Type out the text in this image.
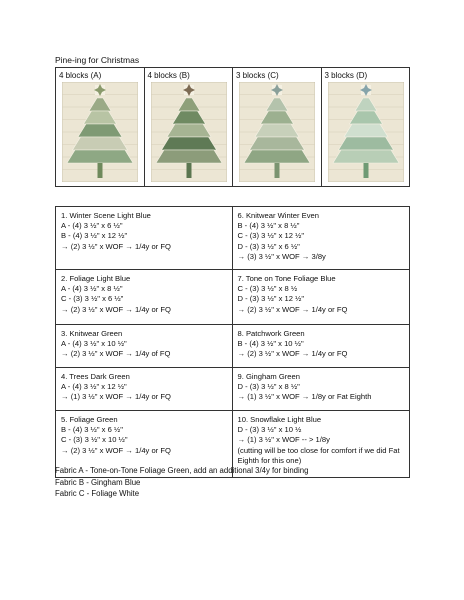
Pine-ing for Christmas
4 blocks (A)	4 blocks (B)	3 blocks (C)	3 blocks (D)
1. Winter Scene Light Blue
A - (4) 3 ½" x 6 ½"
B - (4) 3 ½" x 12 ½"
→ (2) 3 ½" x WOF → 1/4y or FQ
6. Knitwear Winter Even
B - (4) 3 ½" x 8 ½"
C - (3) 3 ½" x 12 ½"
D - (3) 3 ½" x 6 ½"
→ (3) 3 ½" x WOF → 3/8y
2. Foliage Light Blue
A - (4) 3 ½" x 8 ½"
C - (3) 3 ½" x 6 ½"
→ (2) 3 ½" x WOF → 1/4y or FQ
7. Tone on Tone Foliage Blue
C - (3) 3 ½" x 8 ½
D - (3) 3 ½" x 12 ½"
→ (2) 3 ½" x WOF → 1/4y or FQ
3. Knitwear Green
A - (4) 3 ½" x 10 ½"
→ (2) 3 ½" x WOF → 1/4y of FQ
8. Patchwork Green
B - (4) 3 ½" x 10 ½"
→ (2) 3 ½" x WOF → 1/4y or FQ
4. Trees Dark Green
A - (4) 3 ½" x 12 ½"
→ (1) 3 ½" x WOF → 1/4y or FQ
9. Gingham Green
D - (3) 3 ½" x 8 ½"
→ (1) 3 ½" x WOF → 1/8y or Fat Eighth
5. Foliage Green
B - (4) 3 ½" x 6 ½"
C - (3) 3 ½" x 10 ½"
→ (2) 3 ½" x WOF → 1/4y or FQ
10. Snowflake Light Blue
D - (3) 3 ½" x 10 ½
→ (1) 3 ½" x WOF -- > 1/8y
(cutting will be too close for comfort if we did Fat Eighth for this one)
Fabric A - Tone-on-Tone Foliage Green, add an additional 3/4y for binding
Fabric B - Gingham Blue
Fabric C - Foliage White
